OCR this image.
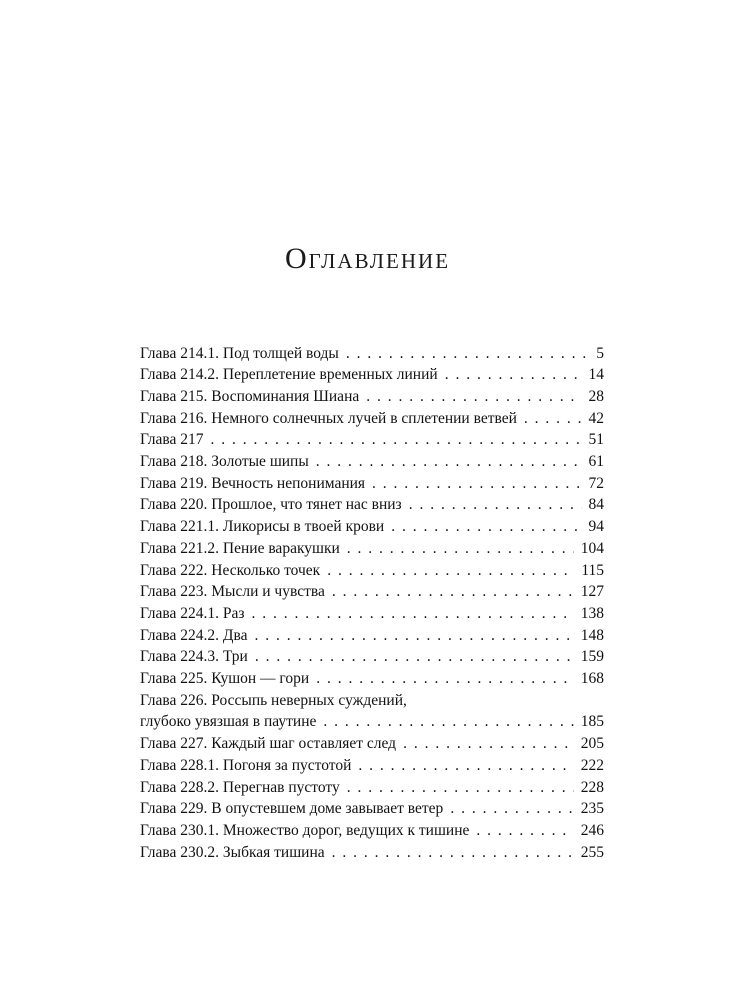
Оглавление
Глава 214.1. Под толщей воды . . .	5
Глава 214.2. Переплетение временных линий . . .	14
Глава 215. Воспоминания Шиана . . .	28
Глава 216. Немного солнечных лучей в сплетении ветвей . . .	42
Глава 217 . . .	51
Глава 218. Золотые шипы . . .	61
Глава 219. Вечность непонимания . . .	72
Глава 220. Прошлое, что тянет нас вниз . . .	84
Глава 221.1. Ликорисы в твоей крови . . .	94
Глава 221.2. Пение варакушки . . .	104
Глава 222. Несколько точек . . .	115
Глава 223. Мысли и чувства . . .	127
Глава 224.1. Раз . . .	138
Глава 224.2. Два . . .	148
Глава 224.3. Три . . .	159
Глава 225. Кушон — гори . . .	168
Глава 226. Россыпь неверных суждений,
глубоко увязшая в паутине . . .	185
Глава 227. Каждый шаг оставляет след . . .	205
Глава 228.1. Погоня за пустотой . . .	222
Глава 228.2. Перегнав пустоту . . .	228
Глава 229. В опустевшем доме завывает ветер . . .	235
Глава 230.1. Множество дорог, ведущих к тишине . . .	246
Глава 230.2. Зыбкая тишина . . .	255
